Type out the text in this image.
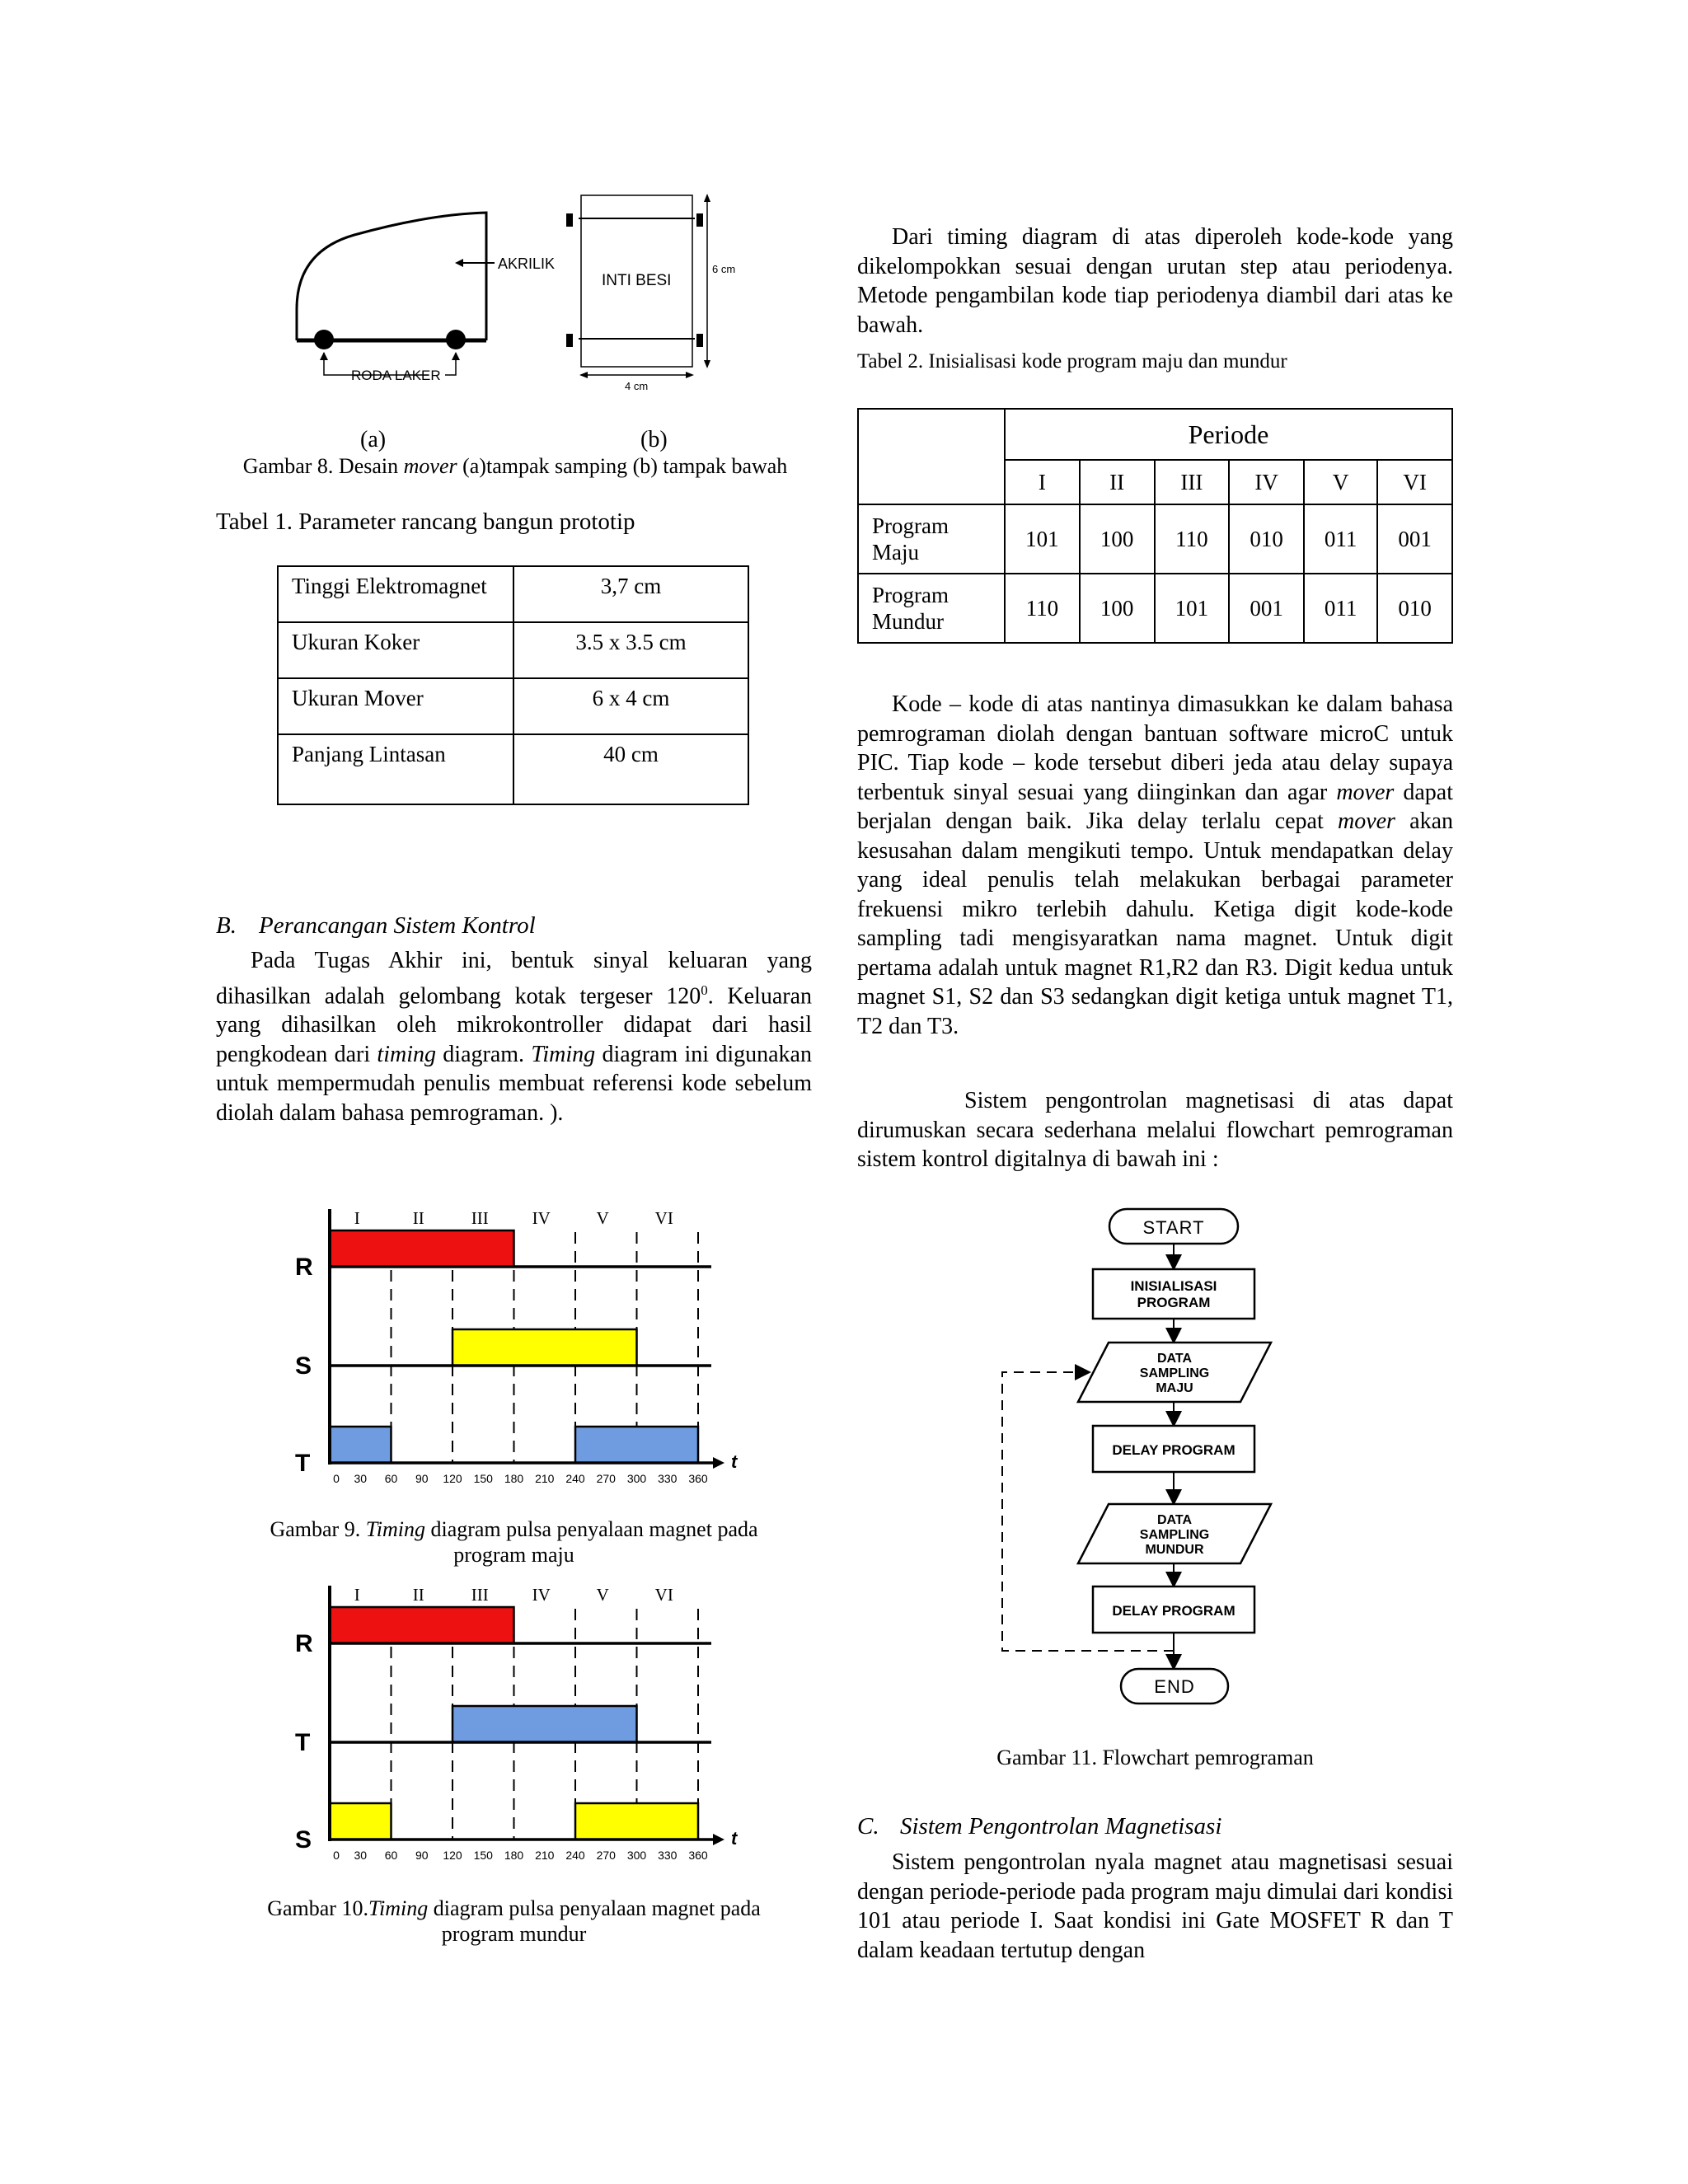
AKRILIK
RODA LAKER
INTI BESI
6 cm
4 cm
(a)	(b)
Gambar 8. Desain mover (a)tampak samping (b) tampak bawah
Tabel 1. Parameter rancang bangun prototip
Tinggi Elektromagnet	3,7 cm
Ukuran Koker	3.5 x 3.5 cm
Ukuran Mover	6 x 4 cm
Panjang Lintasan	40 cm
B. Perancangan Sistem Kontrol

Pada Tugas Akhir ini, bentuk sinyal keluaran yang dihasilkan adalah gelombang kotak tergeser $120^0$. Keluaran yang dihasilkan oleh mikrokontroller didapat dari hasil pengkodean dari timing diagram. Timing diagram ini digunakan untuk mempermudah penulis membuat referensi kode sebelum diolah dalam bahasa pemrograman. ).

I	II	III	IV	V	VI
R
S
T	t
0 30 60 90 120 150 180 210 240 270 300 330 360
Gambar 9. Timing diagram pulsa penyalaan magnet pada
program maju
I	II	III	IV	V	VI
R
T
S	t
0 30 60 90 120 150 180 210 240 270 300 330 360
Gambar 10.Timing diagram pulsa penyalaan magnet pada
program mundur

Dari timing diagram di atas diperoleh kode-kode yang dikelompokkan sesuai dengan urutan step atau periodenya. Metode pengambilan kode tiap periodenya diambil dari atas ke bawah.

Tabel 2. Inisialisasi kode program maju dan mundur
	Periode					
	I	II	III	IV	V	VI
Program Maju	101	100	110	010	011	001
Program Mundur	110	100	101	001	011	010

Kode – kode di atas nantinya dimasukkan ke dalam bahasa pemrograman diolah dengan bantuan software microC untuk PIC. Tiap kode – kode tersebut diberi jeda atau delay supaya terbentuk sinyal sesuai yang diinginkan dan agar mover dapat berjalan dengan baik. Jika delay terlalu cepat mover akan kesusahan dalam mengikuti tempo. Untuk mendapatkan delay yang ideal penulis telah melakukan berbagai parameter frekuensi mikro terlebih dahulu. Ketiga digit kode-kode sampling tadi mengisyaratkan nama magnet. Untuk digit pertama adalah untuk magnet R1,R2 dan R3. Digit kedua untuk magnet S1, S2 dan S3 sedangkan digit ketiga untuk magnet T1, T2 dan T3.

Sistem pengontrolan magnetisasi di atas dapat dirumuskan secara sederhana melalui flowchart pemrograman sistem kontrol digitalnya di bawah ini :

START
INISIALISASI
PROGRAM
DATA
SAMPLING
MAJU
DELAY PROGRAM
DATA
SAMPLING
MUNDUR
DELAY PROGRAM
END
Gambar 11. Flowchart pemrograman
C. Sistem Pengontrolan Magnetisasi

Sistem pengontrolan nyala magnet atau magnetisasi sesuai dengan periode-periode pada program maju dimulai dari kondisi 101 atau periode I. Saat kondisi ini Gate MOSFET R dan T dalam keadaan tertutup dengan
